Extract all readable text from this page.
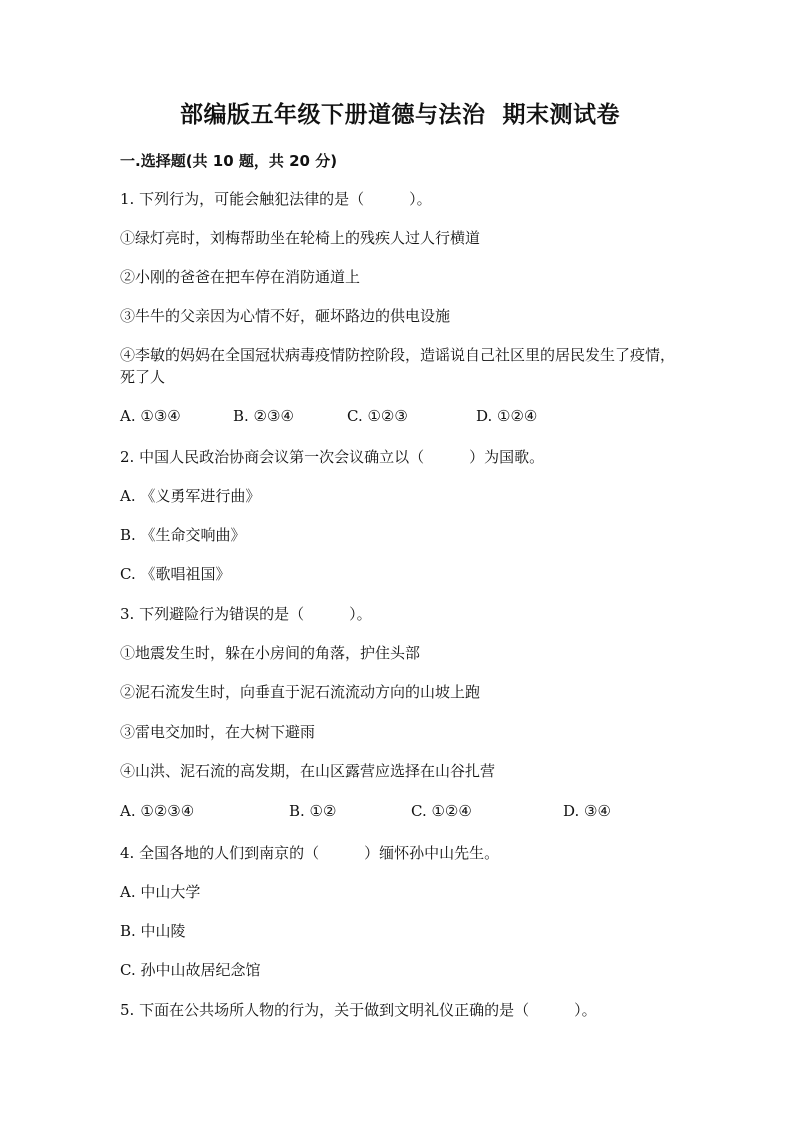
部编版五年级下册道德与法治  期末测试卷
一.选择题(共 10 题，共 20 分)
1. 下列行为，可能会触犯法律的是（　　　）。
①绿灯亮时，刘梅帮助坐在轮椅上的残疾人过人行横道
②小刚的爸爸在把车停在消防通道上
③牛牛的父亲因为心情不好，砸坏路边的供电设施
④李敏的妈妈在全国冠状病毒疫情防控阶段，造谣说自己社区里的居民发生了疫情，死了人
A. ①③④	B. ②③④	C. ①②③	D. ①②④
2. 中国人民政治协商会议第一次会议确立以（　　　）为国歌。
A. 《义勇军进行曲》
B. 《生命交响曲》
C. 《歌唱祖国》
3. 下列避险行为错误的是（　　　）。
①地震发生时，躲在小房间的角落，护住头部
②泥石流发生时，向垂直于泥石流流动方向的山坡上跑
③雷电交加时，在大树下避雨
④山洪、泥石流的高发期，在山区露营应选择在山谷扎营
A. ①②③④	B. ①②	C. ①②④	D. ③④
4. 全国各地的人们到南京的（　　　）缅怀孙中山先生。
A. 中山大学
B. 中山陵
C. 孙中山故居纪念馆
5. 下面在公共场所人物的行为，关于做到文明礼仪正确的是（　　　）。
